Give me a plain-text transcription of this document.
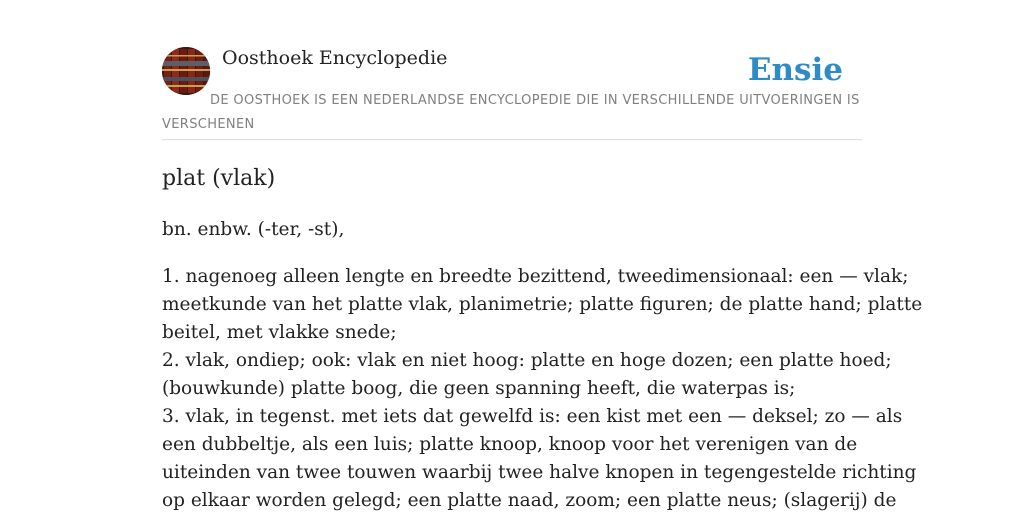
Oosthoek Encyclopedie	Ensie
DE OOSTHOEK IS EEN NEDERLANDSE ENCYCLOPEDIE DIE IN VERSCHILLENDE UITVOERINGEN IS VERSCHENEN
plat (vlak)

bn. enbw. (-ter, -st),

1. nagenoeg alleen lengte en breedte bezittend, tweedimensionaal: een — vlak;
meetkunde van het platte vlak, planimetrie; platte figuren; de platte hand; platte
beitel, met vlakke snede;
2. vlak, ondiep; ook: vlak en niet hoog: platte en hoge dozen; een platte hoed;
(bouwkunde) platte boog, die geen spanning heeft, die waterpas is;
3. vlak, in tegenst. met iets dat gewelfd is: een kist met een — deksel; zo — als
een dubbeltje, als een luis; platte knoop, knoop voor het verenigen van de
uiteinden van twee touwen waarbij twee halve knopen in tegengestelde richting
op elkaar worden gelegd; een platte naad, zoom; een platte neus; (slagerij) de
